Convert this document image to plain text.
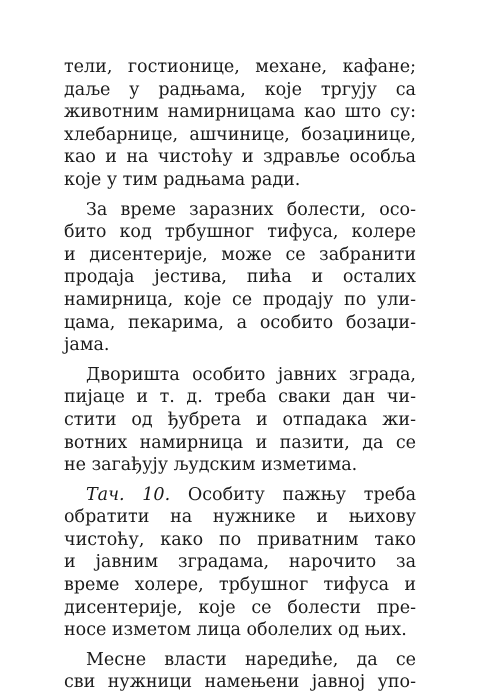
тели, гостионице, механе, кафане;
даље у радњама, које тргују са
животним намирницама као што су:
хлебарнице, ашчинице, бозаџинице,
као и на чистоћу и здравље особља
које у тим радњама ради.
За време заразних болести, осо-
бито код трбушног тифуса, колере
и дисентерије, може се забранити
продаја јестива, пића и осталих
намирница, које се продају по ули-
цама, пекарима, а особито бозаџи-
јама.
Дворишта особито јавних зграда,
пијаце и т. д. треба сваки дан чи-
стити од ђубрета и отпадака жи-
вотних намирница и пазити, да се
не загађују људским изметима.
Тач. 10. Особиту пажњу треба
обратити на нужнике и њихову
чистоћу, како по приватним тако
и јавним зградама, нарочито за
време холере, трбушног тифуса и
дисентерије, које се болести пре-
носе изметом лица оболелих од њих.
Месне власти наредиће, да се
сви нужници намењени јавној упо-
